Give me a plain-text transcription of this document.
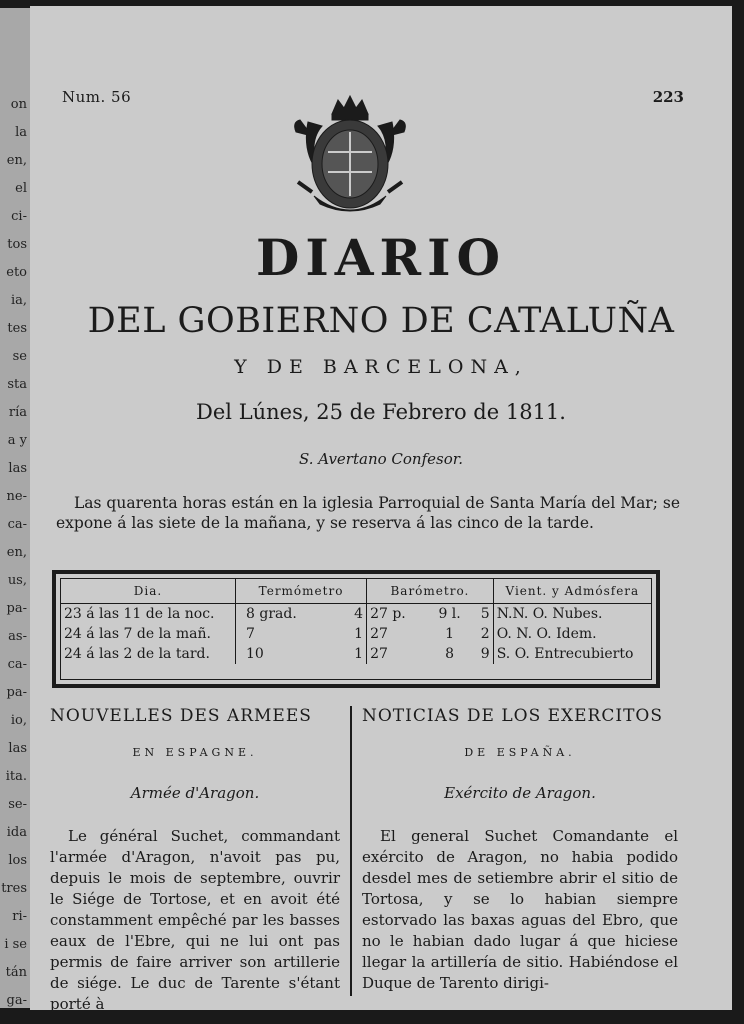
on
la
en,
el
ci-
tos
eto
ia,
tes
se
sta
ría
a y
las
ne-
ca-
en,
us,
pa-
as-
ca-
pa-
io,
las
ita.
se-
ida
los
tres
ri-
i se
tán
ga-
Num. 56	223
DIARIO
DEL GOBIERNO DE CATALUÑA
Y DE BARCELONA,
Del Lúnes, 25 de Febrero de 1811.
S. Avertano Confesor.

Las quarenta horas están en la iglesia Parroquial de Santa María del Mar; se expone á las siete de la mañana, y se reserva á las cinco de la tarde.

Dia.	Termómetro		Barómetro.			Vient. y Admósfera
23 á las 11 de la noc.	8 grad.	4	27 p.	9 l.	5	N.N. O. Nubes.
24 á las 7 de la mañ.	7	1	27	1	2	O. N. O. Idem.
24 á las 2 de la tard.	10	1	27	8	9	S. O. Entrecubierto
NOUVELLES DES ARMEES
EN ESPAGNE.
Armée d'Aragon.

Le général Suchet, commandant l'armée d'Aragon, n'avoit pas pu, depuis le mois de septembre, ouvrir le Siége de Tortose, et en avoit été constamment empêché par les basses eaux de l'Ebre, qui ne lui ont pas permis de faire arriver son artillerie de siége. Le duc de Tarente s'étant porté à

NOTICIAS DE LOS EXERCITOS
DE ESPAÑA.
Exército de Aragon.

El general Suchet Comandante el exército de Aragon, no habia podido desdel mes de setiembre abrir el sitio de Tortosa, y se lo habian siempre estorvado las baxas aguas del Ebro, que no le habian dado lugar á que hiciese llegar la artillería de sitio. Habiéndose el Duque de Tarento dirigi-
